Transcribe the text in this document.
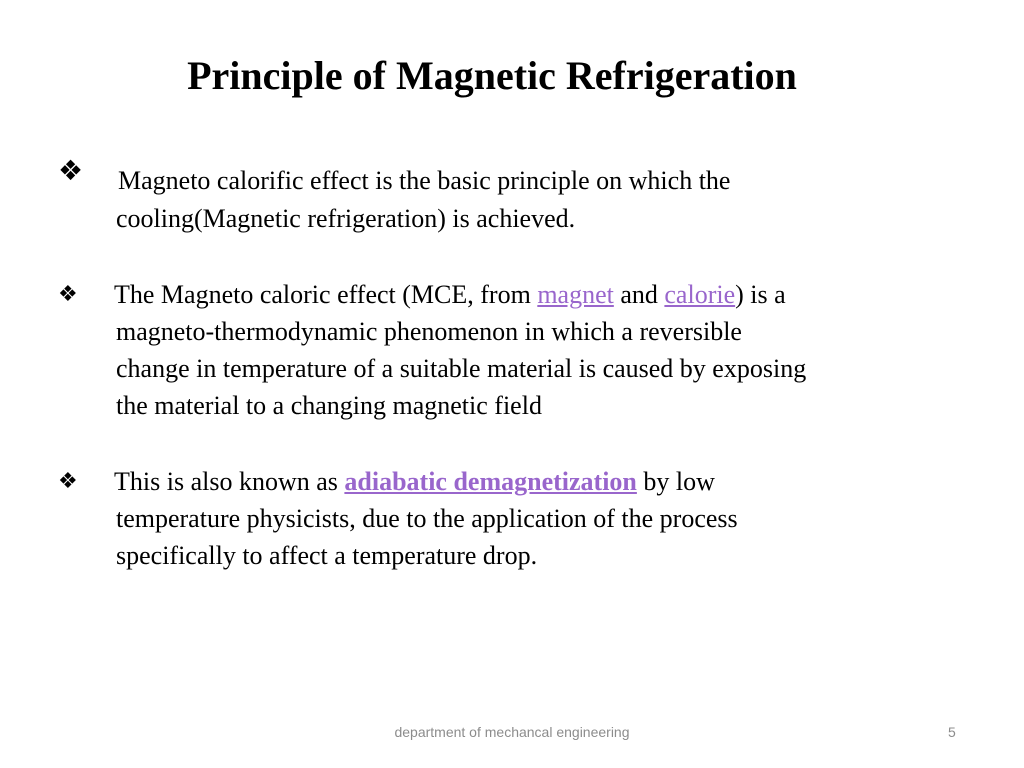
Principle of Magnetic Refrigeration
❖ Magneto calorific effect is the basic principle on which the
cooling(Magnetic refrigeration) is achieved.
❖ The Magneto caloric effect (MCE, from magnet and calorie) is a
magneto-thermodynamic phenomenon in which a reversible
change in temperature of a suitable material is caused by exposing
the material to a changing magnetic field
❖ This is also known as adiabatic demagnetization by low
temperature physicists, due to the application of the process
specifically to affect a temperature drop.
department of mechancal engineering	5
